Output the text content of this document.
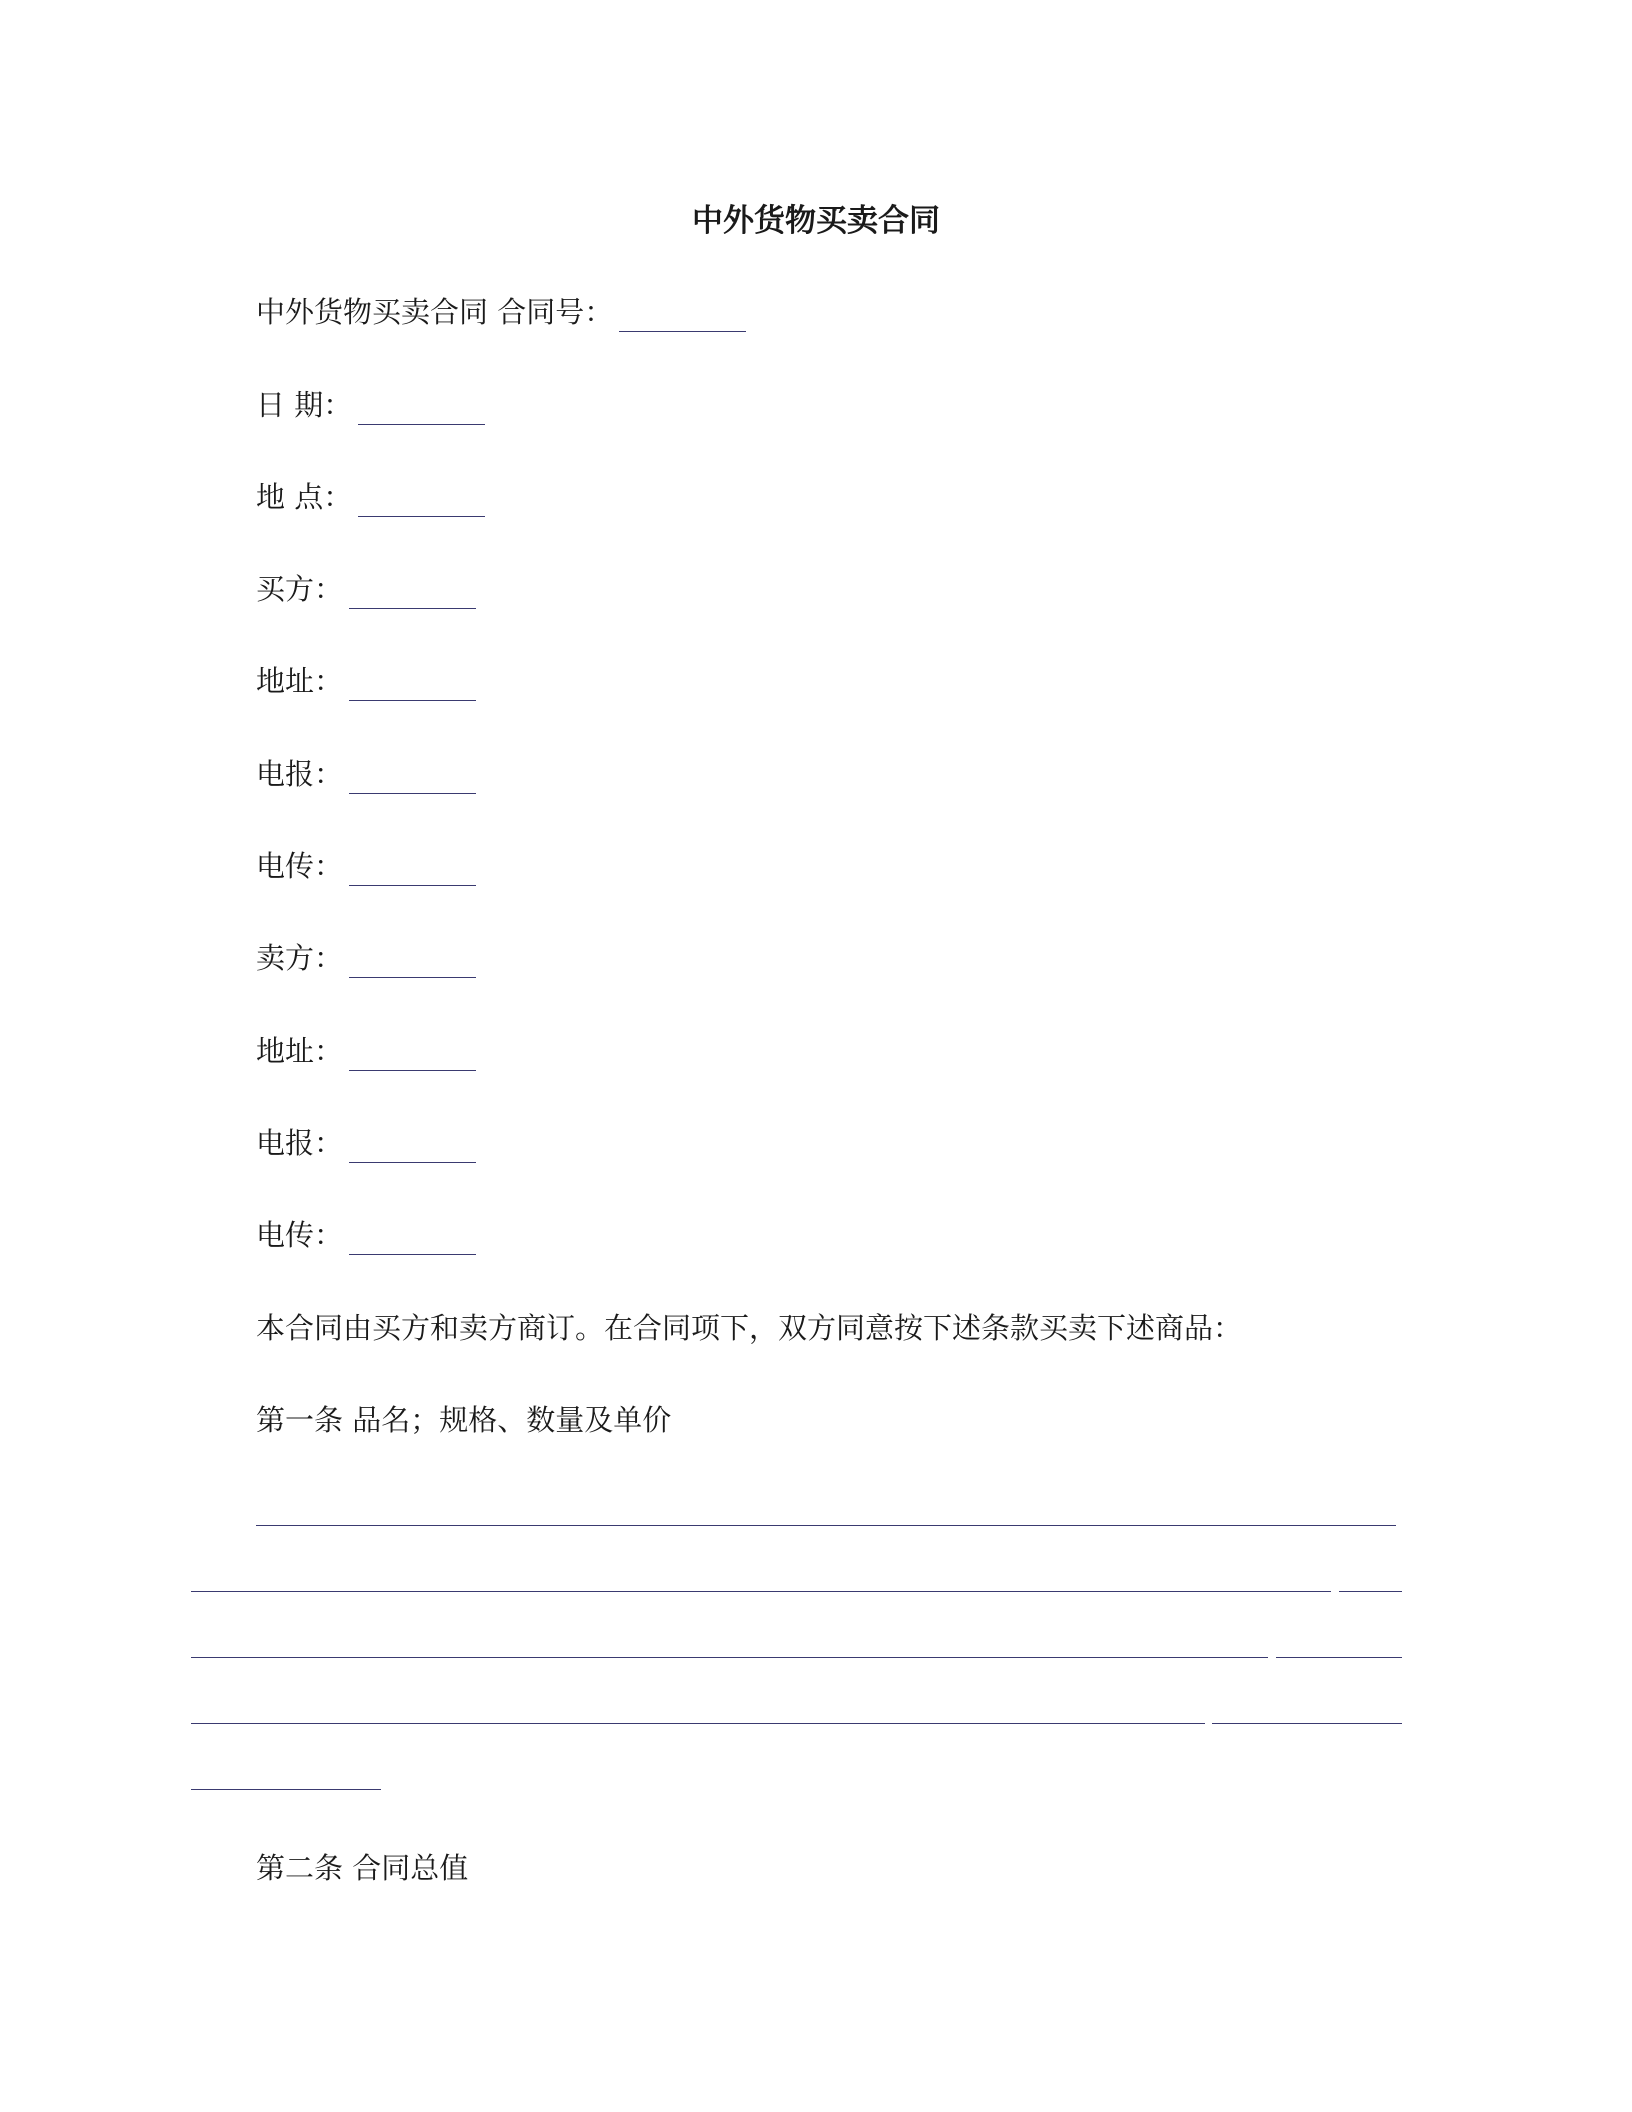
中外货物买卖合同
中外货物买卖合同 合同号：
日 期：
地 点：
买方：
地址：
电报：
电传：
卖方：
地址：
电报：
电传：
本合同由买方和卖方商订。在合同项下，双方同意按下述条款买卖下述商品：
第一条 品名；规格、数量及单价
第二条 合同总值
